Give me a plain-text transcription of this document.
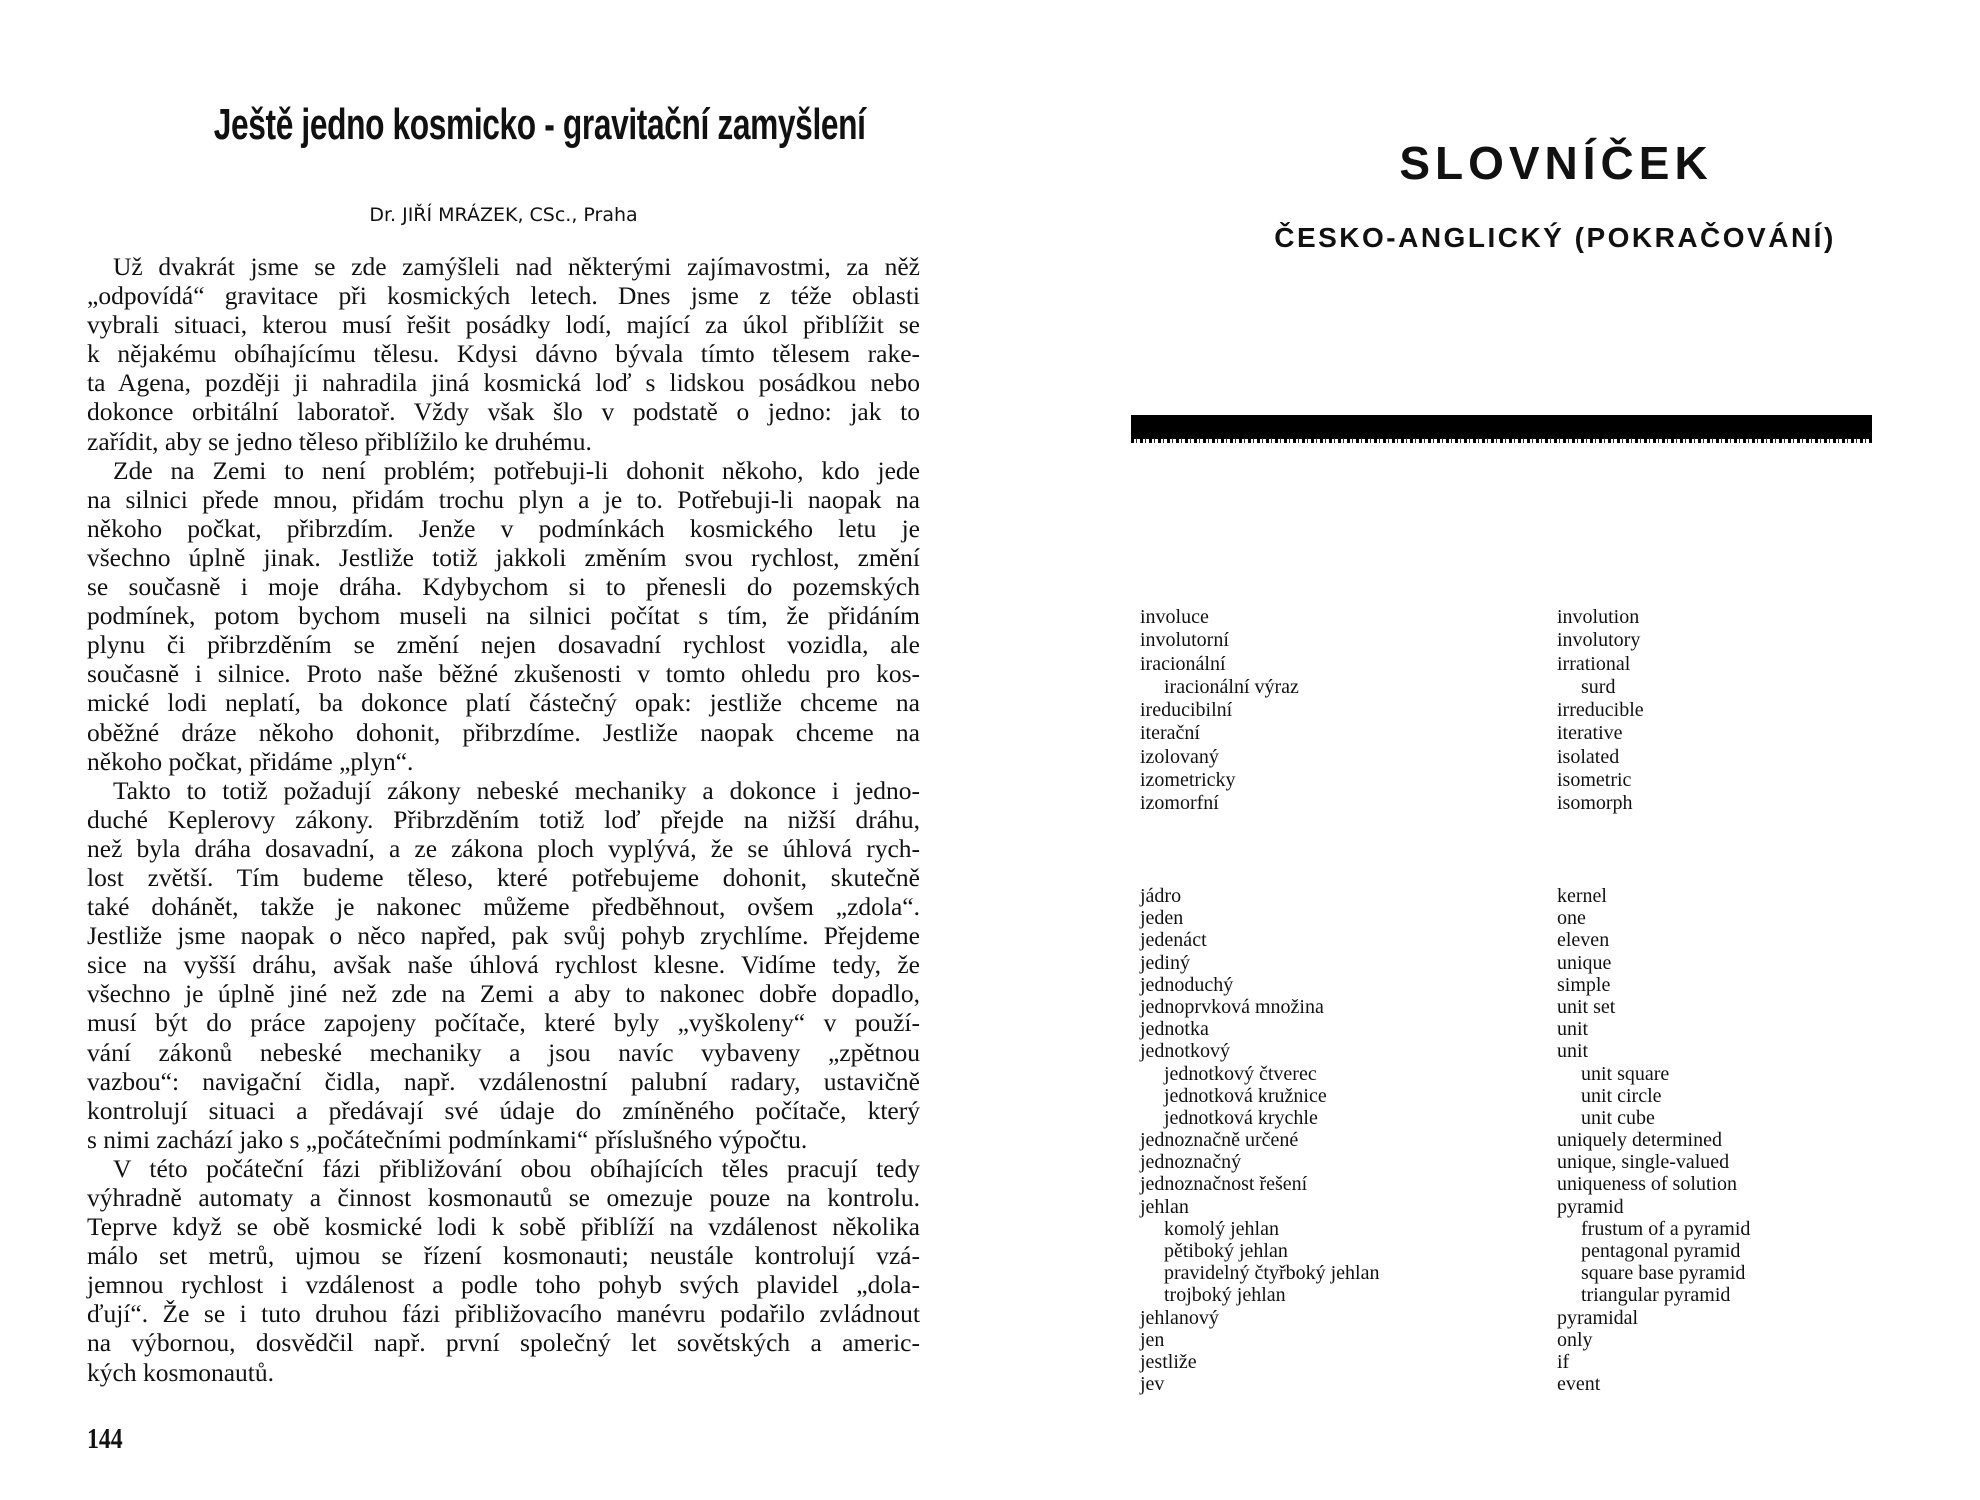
Ještě jedno kosmicko - gravitační zamyšlení
Dr. JIŘÍ MRÁZEK, CSc., Praha
Už dvakrát jsme se zde zamýšleli nad některými zajímavostmi, za něž
„odpovídá“ gravitace při kosmických letech. Dnes jsme z téže oblasti
vybrali situaci, kterou musí řešit posádky lodí, mající za úkol přiblížit se
k nějakému obíhajícímu tělesu. Kdysi dávno bývala tímto tělesem rake-
ta Agena, později ji nahradila jiná kosmická loď s lidskou posádkou nebo
dokonce orbitální laboratoř. Vždy však šlo v podstatě o jedno: jak to
zařídit, aby se jedno těleso přiblížilo ke druhému.
Zde na Zemi to není problém; potřebuji-li dohonit někoho, kdo jede
na silnici přede mnou, přidám trochu plyn a je to. Potřebuji-li naopak na
někoho počkat, přibrzdím. Jenže v podmínkách kosmického letu je
všechno úplně jinak. Jestliže totiž jakkoli změním svou rychlost, změní
se současně i moje dráha. Kdybychom si to přenesli do pozemských
podmínek, potom bychom museli na silnici počítat s tím, že přidáním
plynu či přibrzděním se změní nejen dosavadní rychlost vozidla, ale
současně i silnice. Proto naše běžné zkušenosti v tomto ohledu pro kos-
mické lodi neplatí, ba dokonce platí částečný opak: jestliže chceme na
oběžné dráze někoho dohonit, přibrzdíme. Jestliže naopak chceme na
někoho počkat, přidáme „plyn“.
Takto to totiž požadují zákony nebeské mechaniky a dokonce i jedno-
duché Keplerovy zákony. Přibrzděním totiž loď přejde na nižší dráhu,
než byla dráha dosavadní, a ze zákona ploch vyplývá, že se úhlová rych-
lost zvětší. Tím budeme těleso, které potřebujeme dohonit, skutečně
také dohánět, takže je nakonec můžeme předběhnout, ovšem „zdola“.
Jestliže jsme naopak o něco napřed, pak svůj pohyb zrychlíme. Přejdeme
sice na vyšší dráhu, avšak naše úhlová rychlost klesne. Vidíme tedy, že
všechno je úplně jiné než zde na Zemi a aby to nakonec dobře dopadlo,
musí být do práce zapojeny počítače, které byly „vyškoleny“ v použí-
vání zákonů nebeské mechaniky a jsou navíc vybaveny „zpětnou
vazbou“: navigační čidla, např. vzdálenostní palubní radary, ustavičně
kontrolují situaci a předávají své údaje do zmíněného počítače, který
s nimi zachází jako s „počátečními podmínkami“ příslušného výpočtu.
V této počáteční fázi přibližování obou obíhajících těles pracují tedy
výhradně automaty a činnost kosmonautů se omezuje pouze na kontrolu.
Teprve když se obě kosmické lodi k sobě přiblíží na vzdálenost několika
málo set metrů, ujmou se řízení kosmonauti; neustále kontrolují vzá-
jemnou rychlost i vzdálenost a podle toho pohyb svých plavidel „dola-
ďují“. Že se i tuto druhou fázi přibližovacího manévru podařilo zvládnout
na výbornou, dosvědčil např. první společný let sovětských a americ-
kých kosmonautů.
144
SLOVNÍČEK
ČESKO-ANGLICKÝ (POKRAČOVÁNÍ)
involuce	involution
involutorní	involutory
iracionální	irrational
iracionální výraz	surd
ireducibilní	irreducible
iterační	iterative
izolovaný	isolated
izometricky	isometric
izomorfní	isomorph
jádro	kernel
jeden	one
jedenáct	eleven
jediný	unique
jednoduchý	simple
jednoprvková množina	unit set
jednotka	unit
jednotkový	unit
jednotkový čtverec	unit square
jednotková kružnice	unit circle
jednotková krychle	unit cube
jednoznačně určené	uniquely determined
jednoznačný	unique, single-valued
jednoznačnost řešení	uniqueness of solution
jehlan	pyramid
komolý jehlan	frustum of a pyramid
pětiboký jehlan	pentagonal pyramid
pravidelný čtyřboký jehlan	square base pyramid
trojboký jehlan	triangular pyramid
jehlanový	pyramidal
jen	only
jestliže	if
jev	event
